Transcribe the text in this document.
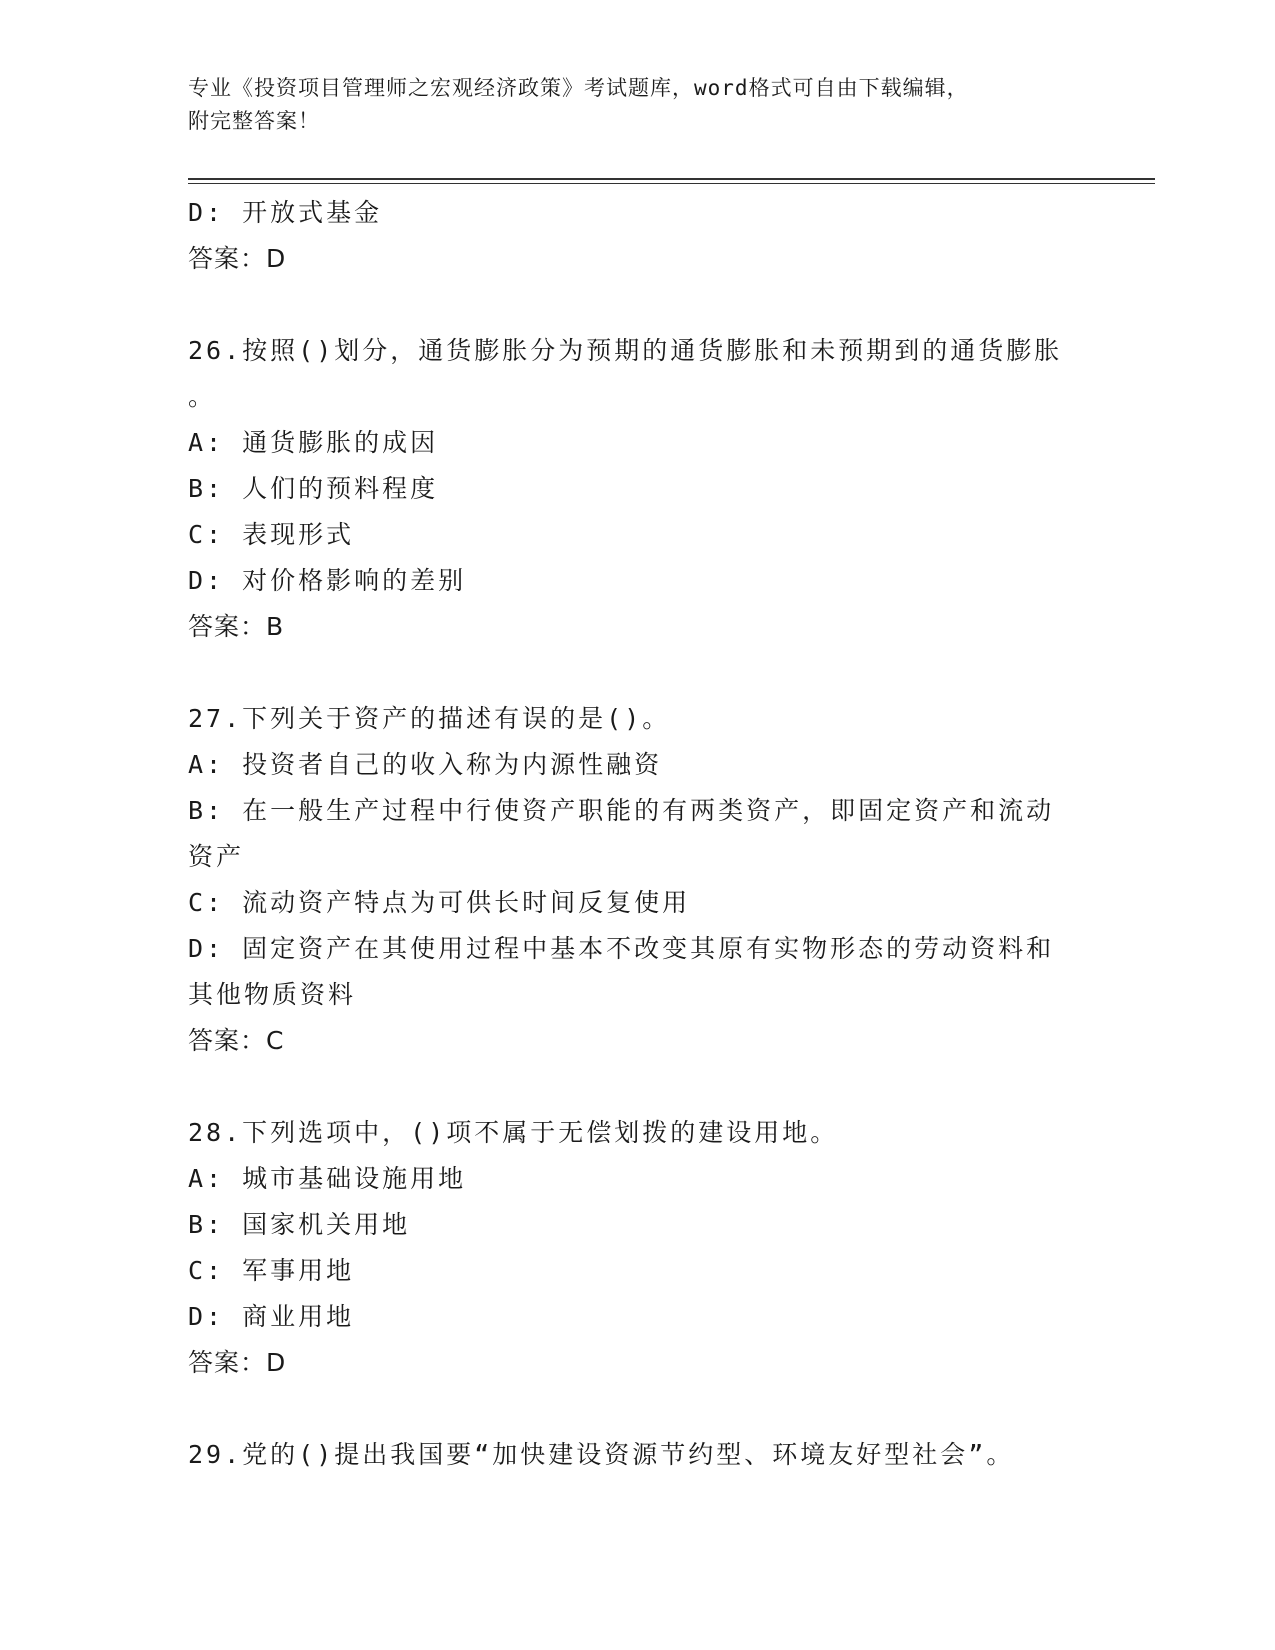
专业《投资项目管理师之宏观经济政策》考试题库，word格式可自由下载编辑，
附完整答案！
D: 开放式基金
答案：D
26.按照()划分，通货膨胀分为预期的通货膨胀和未预期到的通货膨胀
。
A: 通货膨胀的成因
B: 人们的预料程度
C: 表现形式
D: 对价格影响的差别
答案：B
27.下列关于资产的描述有误的是()。
A: 投资者自己的收入称为内源性融资
B: 在一般生产过程中行使资产职能的有两类资产，即固定资产和流动
资产
C: 流动资产特点为可供长时间反复使用
D: 固定资产在其使用过程中基本不改变其原有实物形态的劳动资料和
其他物质资料
答案：C
28.下列选项中，()项不属于无偿划拨的建设用地。
A: 城市基础设施用地
B: 国家机关用地
C: 军事用地
D: 商业用地
答案：D
29.党的()提出我国要“加快建设资源节约型、环境友好型社会”。
